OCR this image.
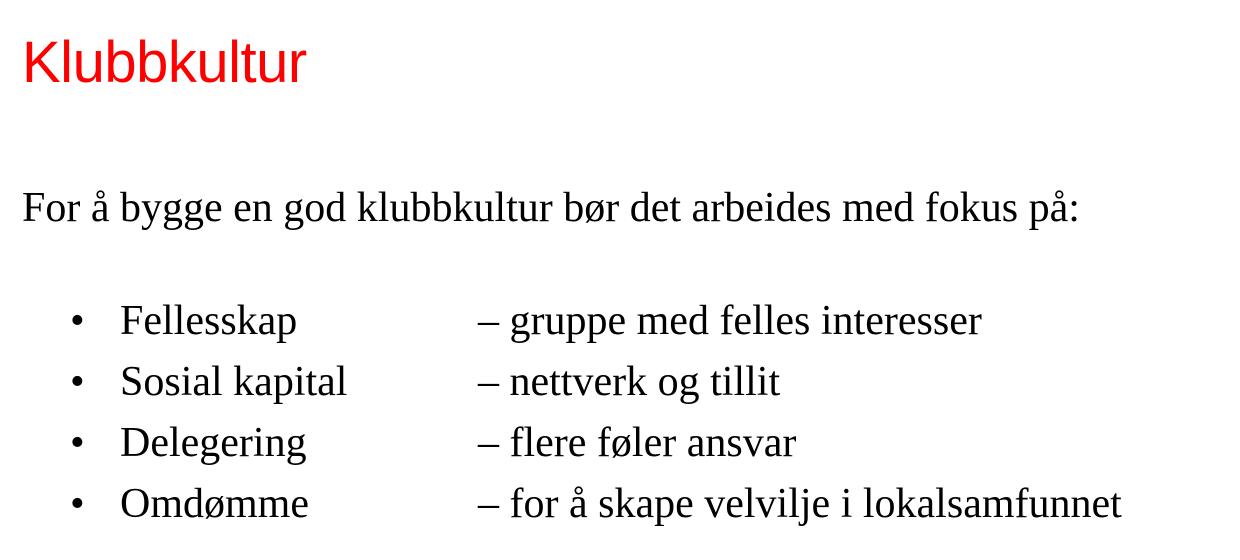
Klubbkultur

For å bygge en god klubbkultur bør det arbeides med fokus på:

• Fellesskap	– gruppe med felles interesser
• Sosial kapital	– nettverk og tillit
• Delegering	– flere føler ansvar
• Omdømme	– for å skape velvilje i lokalsamfunnet
